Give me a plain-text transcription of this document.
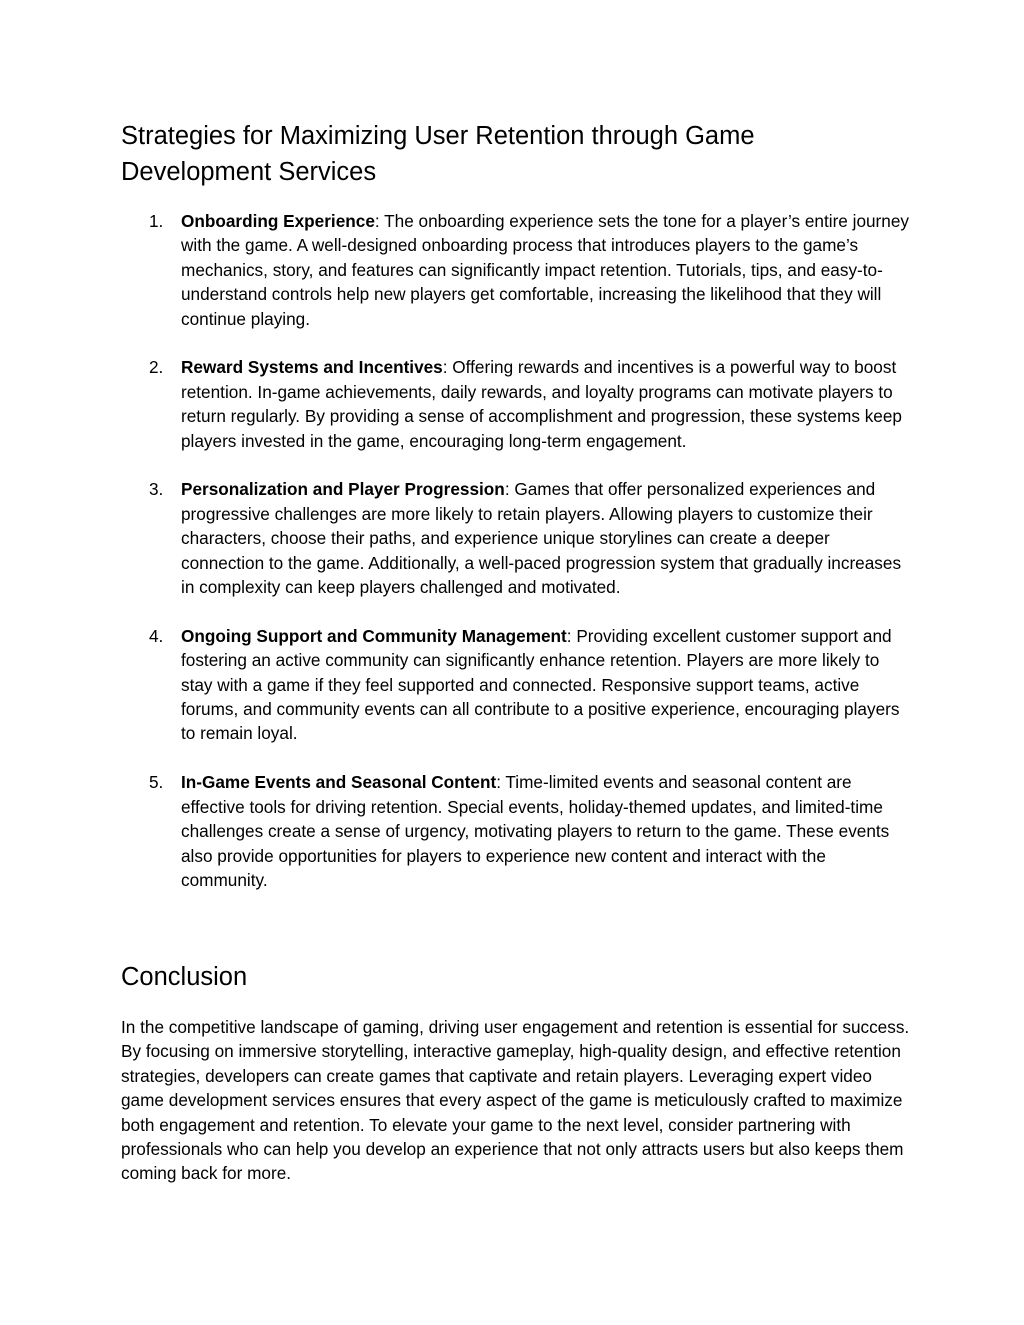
Strategies for Maximizing User Retention through Game Development Services
1. Onboarding Experience: The onboarding experience sets the tone for a player’s entire journey with the game. A well-designed onboarding process that introduces players to the game’s mechanics, story, and features can significantly impact retention. Tutorials, tips, and easy-to-understand controls help new players get comfortable, increasing the likelihood that they will continue playing.
2. Reward Systems and Incentives: Offering rewards and incentives is a powerful way to boost retention. In-game achievements, daily rewards, and loyalty programs can motivate players to return regularly. By providing a sense of accomplishment and progression, these systems keep players invested in the game, encouraging long-term engagement.
3. Personalization and Player Progression: Games that offer personalized experiences and progressive challenges are more likely to retain players. Allowing players to customize their characters, choose their paths, and experience unique storylines can create a deeper connection to the game. Additionally, a well-paced progression system that gradually increases in complexity can keep players challenged and motivated.
4. Ongoing Support and Community Management: Providing excellent customer support and fostering an active community can significantly enhance retention. Players are more likely to stay with a game if they feel supported and connected. Responsive support teams, active forums, and community events can all contribute to a positive experience, encouraging players to remain loyal.
5. In-Game Events and Seasonal Content: Time-limited events and seasonal content are effective tools for driving retention. Special events, holiday-themed updates, and limited-time challenges create a sense of urgency, motivating players to return to the game. These events also provide opportunities for players to experience new content and interact with the community.
Conclusion

In the competitive landscape of gaming, driving user engagement and retention is essential for success. By focusing on immersive storytelling, interactive gameplay, high-quality design, and effective retention strategies, developers can create games that captivate and retain players. Leveraging expert video game development services ensures that every aspect of the game is meticulously crafted to maximize both engagement and retention. To elevate your game to the next level, consider partnering with professionals who can help you develop an experience that not only attracts users but also keeps them coming back for more.
